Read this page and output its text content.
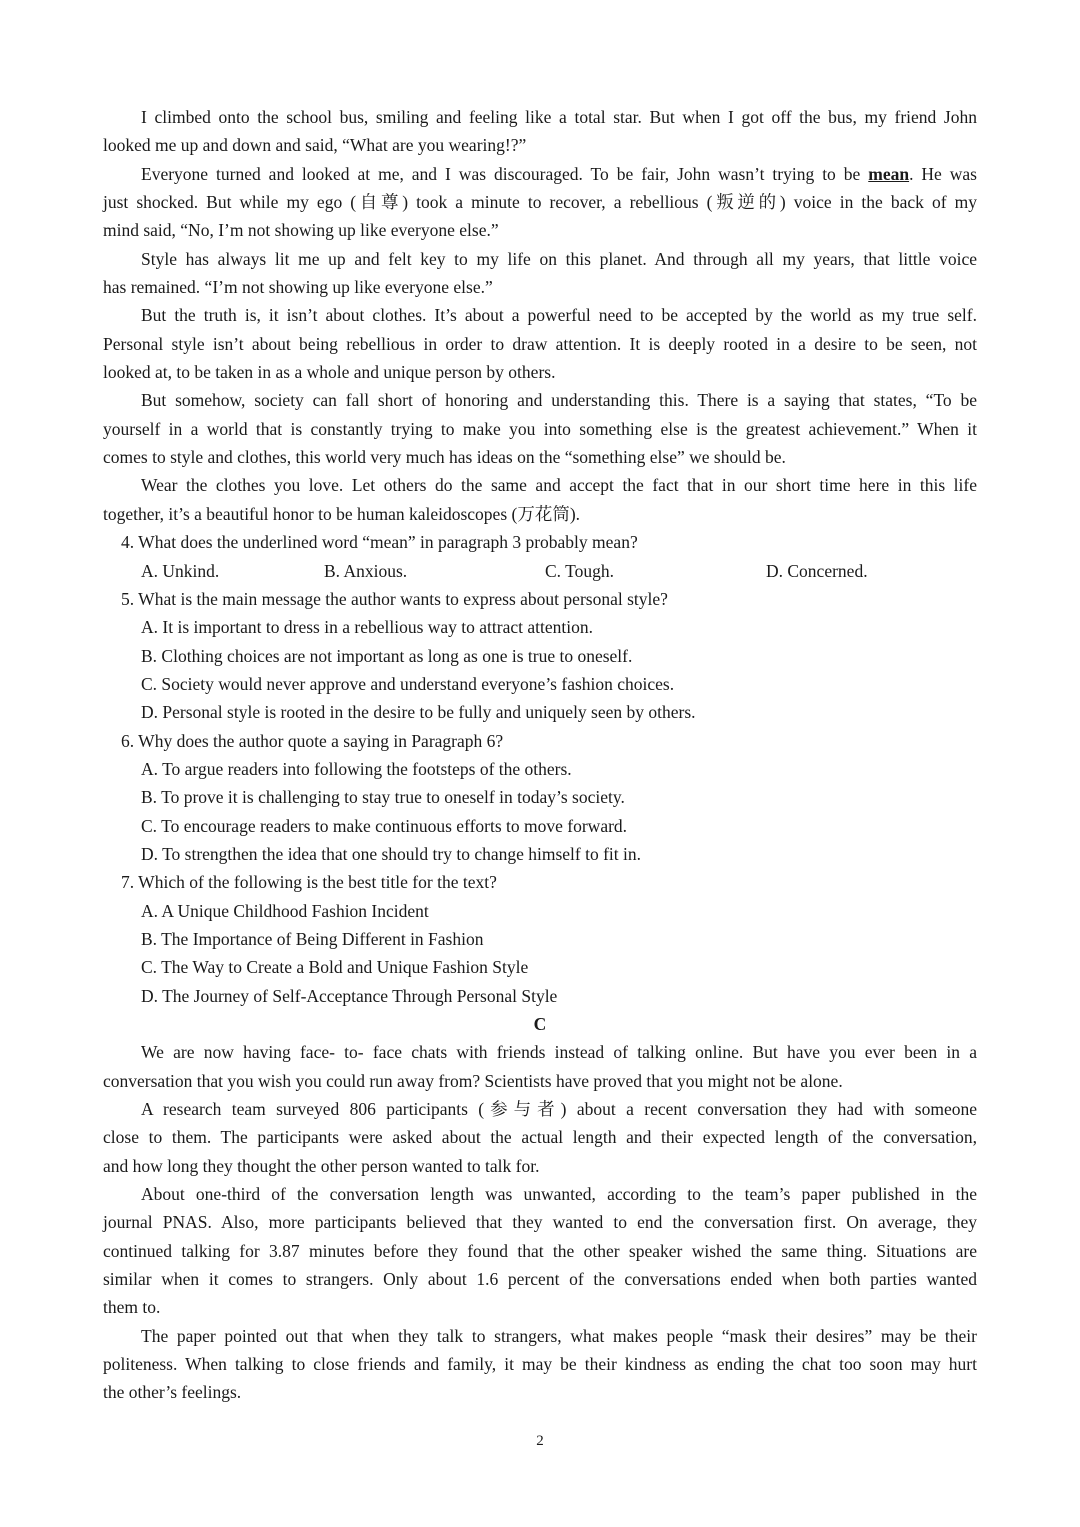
I climbed onto the school bus, smiling and feeling like a total star. But when I got off the bus, my friend John
looked me up and down and said, “What are you wearing!?”
Everyone turned and looked at me, and I was discouraged. To be fair, John wasn’t trying to be mean. He was
just shocked. But while my ego (自尊) took a minute to recover, a rebellious (叛逆的) voice in the back of my
mind said, “No, I’m not showing up like everyone else.”
Style has always lit me up and felt key to my life on this planet. And through all my years, that little voice
has remained. “I’m not showing up like everyone else.”
But the truth is, it isn’t about clothes. It’s about a powerful need to be accepted by the world as my true self.
Personal style isn’t about being rebellious in order to draw attention. It is deeply rooted in a desire to be seen, not
looked at, to be taken in as a whole and unique person by others.
But somehow, society can fall short of honoring and understanding this. There is a saying that states, “To be
yourself in a world that is constantly trying to make you into something else is the greatest achievement.” When it
comes to style and clothes, this world very much has ideas on the “something else” we should be.
Wear the clothes you love. Let others do the same and accept the fact that in our short time here in this life
together, it’s a beautiful honor to be human kaleidoscopes (万花筒).
4. What does the underlined word “mean” in paragraph 3 probably mean?
A. Unkind.	B. Anxious.	C. Tough.	D. Concerned.
5. What is the main message the author wants to express about personal style?
A. It is important to dress in a rebellious way to attract attention.
B. Clothing choices are not important as long as one is true to oneself.
C. Society would never approve and understand everyone’s fashion choices.
D. Personal style is rooted in the desire to be fully and uniquely seen by others.
6. Why does the author quote a saying in Paragraph 6?
A. To argue readers into following the footsteps of the others.
B. To prove it is challenging to stay true to oneself in today’s society.
C. To encourage readers to make continuous efforts to move forward.
D. To strengthen the idea that one should try to change himself to fit in.
7. Which of the following is the best title for the text?
A. A Unique Childhood Fashion Incident
B. The Importance of Being Different in Fashion
C. The Way to Create a Bold and Unique Fashion Style
D. The Journey of Self-Acceptance Through Personal Style
C
We are now having face- to- face chats with friends instead of talking online. But have you ever been in a
conversation that you wish you could run away from? Scientists have proved that you might not be alone.
A research team surveyed 806 participants (参与者) about a recent conversation they had with someone
close to them. The participants were asked about the actual length and their expected length of the conversation,
and how long they thought the other person wanted to talk for.
About one-third of the conversation length was unwanted, according to the team’s paper published in the
journal PNAS. Also, more participants believed that they wanted to end the conversation first. On average, they
continued talking for 3.87 minutes before they found that the other speaker wished the same thing. Situations are
similar when it comes to strangers. Only about 1.6 percent of the conversations ended when both parties wanted
them to.
The paper pointed out that when they talk to strangers, what makes people “mask their desires” may be their
politeness. When talking to close friends and family, it may be their kindness as ending the chat too soon may hurt
the other’s feelings.
2
